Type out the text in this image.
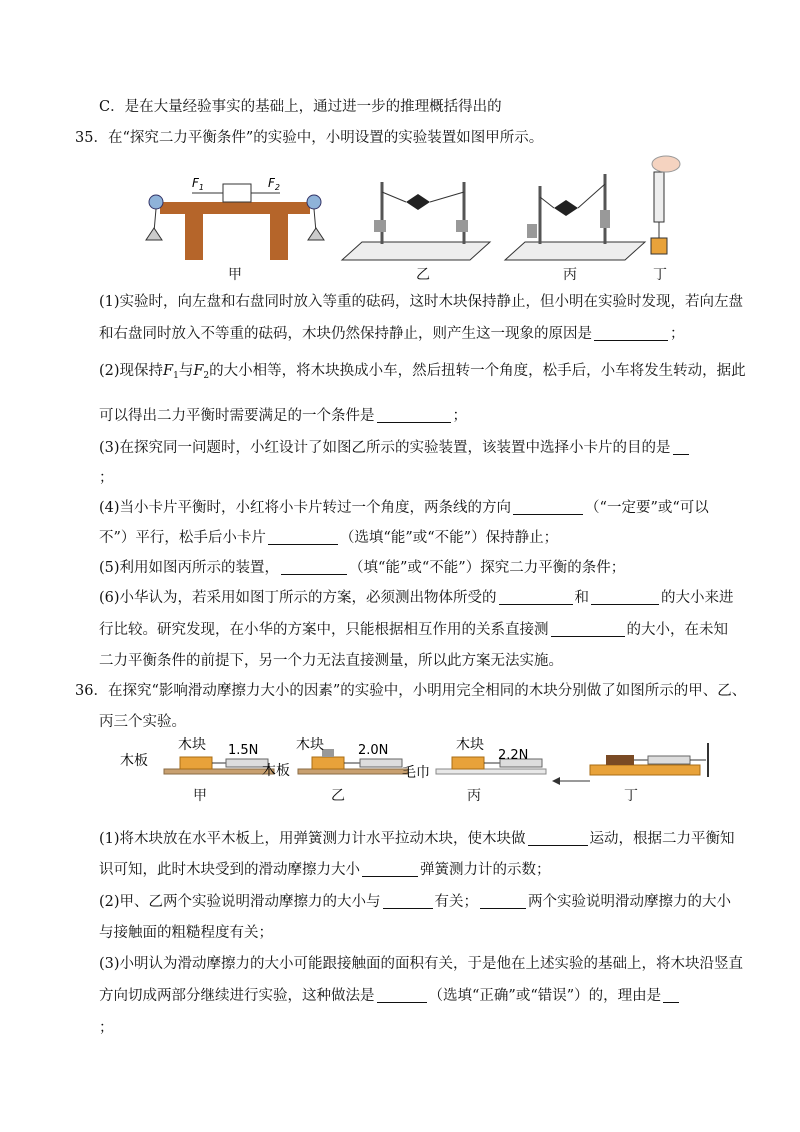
C．是在大量经验事实的基础上，通过进一步的推理概括得出的
35．在“探究二力平衡条件”的实验中，小明设置的实验装置如图甲所示。
$F_1$	$F_2$
甲	乙	丙	丁
(1)实验时，向左盘和右盘同时放入等重的砝码，这时木块保持静止，但小明在实验时发现，若向左盘
和右盘同时放入不等重的砝码，木块仍然保持静止，则产生这一现象的原因是	；
(2)现保持$F_1$与$F_2$的大小相等，将木块换成小车，然后扭转一个角度，松手后，小车将发生转动，据此
可以得出二力平衡时需要满足的一个条件是	；
(3)在探究同一问题时，小红设计了如图乙所示的实验装置，该装置中选择小卡片的目的是
；
(4)当小卡片平衡时，小红将小卡片转过一个角度，两条线的方向	（“一定要”或“可以
不”）平行，松手后小卡片	（选填“能”或“不能”）保持静止；
(5)利用如图丙所示的装置，	（填“能”或“不能”）探究二力平衡的条件；
(6)小华认为，若采用如图丁所示的方案，必须测出物体所受的	和	的大小来进
行比较。研究发现，在小华的方案中，只能根据相互作用的关系直接测	的大小，在未知
二力平衡条件的前提下，另一个力无法直接测量，所以此方案无法实施。
36．在探究“影响滑动摩擦力大小的因素”的实验中，小明用完全相同的木块分别做了如图所示的甲、乙、
丙三个实验。
木块 1.5N
木板
木块	2.0N
木板
木块
2.2N
毛巾
甲	乙	丙	丁
(1)将木块放在水平木板上，用弹簧测力计水平拉动木块，使木块做	运动，根据二力平衡知
识可知，此时木块受到的滑动摩擦力大小	弹簧测力计的示数；
(2)甲、乙两个实验说明滑动摩擦力的大小与	有关；	两个实验说明滑动摩擦力的大小
与接触面的粗糙程度有关；
(3)小明认为滑动摩擦力的大小可能跟接触面的面积有关，于是他在上述实验的基础上，将木块沿竖直
方向切成两部分继续进行实验，这种做法是	（选填“正确”或“错误”）的，理由是
；
